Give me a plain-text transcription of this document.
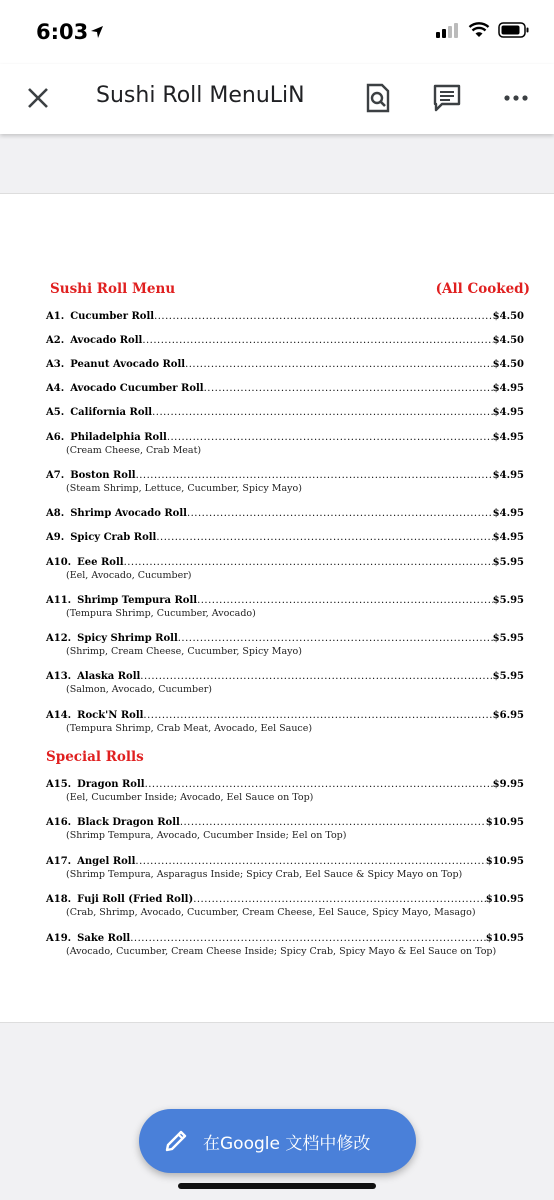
6:03
Sushi Roll MenuLiN
Sushi Roll Menu	(All Cooked)
A1. Cucumber Roll .....	$4.50
A2. Avocado Roll .....	$4.50
A3. Peanut Avocado Roll .....	$4.50
A4. Avocado Cucumber Roll .....	$4.95
A5. California Roll .....	$4.95
A6. Philadelphia Roll .....	$4.95
(Cream Cheese, Crab Meat)
A7. Boston Roll .....	$4.95
(Steam Shrimp, Lettuce, Cucumber, Spicy Mayo)
A8. Shrimp Avocado Roll .....	$4.95
A9. Spicy Crab Roll .....	$4.95
A10. Eee Roll .....	$5.95
(Eel, Avocado, Cucumber)
A11. Shrimp Tempura Roll .....	$5.95
(Tempura Shrimp, Cucumber, Avocado)
A12. Spicy Shrimp Roll .....	$5.95
(Shrimp, Cream Cheese, Cucumber, Spicy Mayo)
A13. Alaska Roll .....	$5.95
(Salmon, Avocado, Cucumber)
A14. Rock'N Roll .....	$6.95
(Tempura Shrimp, Crab Meat, Avocado, Eel Sauce)
Special Rolls
A15. Dragon Roll .....	$9.95
(Eel, Cucumber Inside; Avocado, Eel Sauce on Top)
A16. Black Dragon Roll .....	$10.95
(Shrimp Tempura, Avocado, Cucumber Inside; Eel on Top)
A17. Angel Roll .....	$10.95
(Shrimp Tempura, Asparagus Inside; Spicy Crab, Eel Sauce & Spicy Mayo on Top)
A18. Fuji Roll (Fried Roll) .....	$10.95
(Crab, Shrimp, Avocado, Cucumber, Cream Cheese, Eel Sauce, Spicy Mayo, Masago)
A19. Sake Roll .....	$10.95
(Avocado, Cucumber, Cream Cheese Inside; Spicy Crab, Spicy Mayo & Eel Sauce on Top)
在Google 文档中修改
